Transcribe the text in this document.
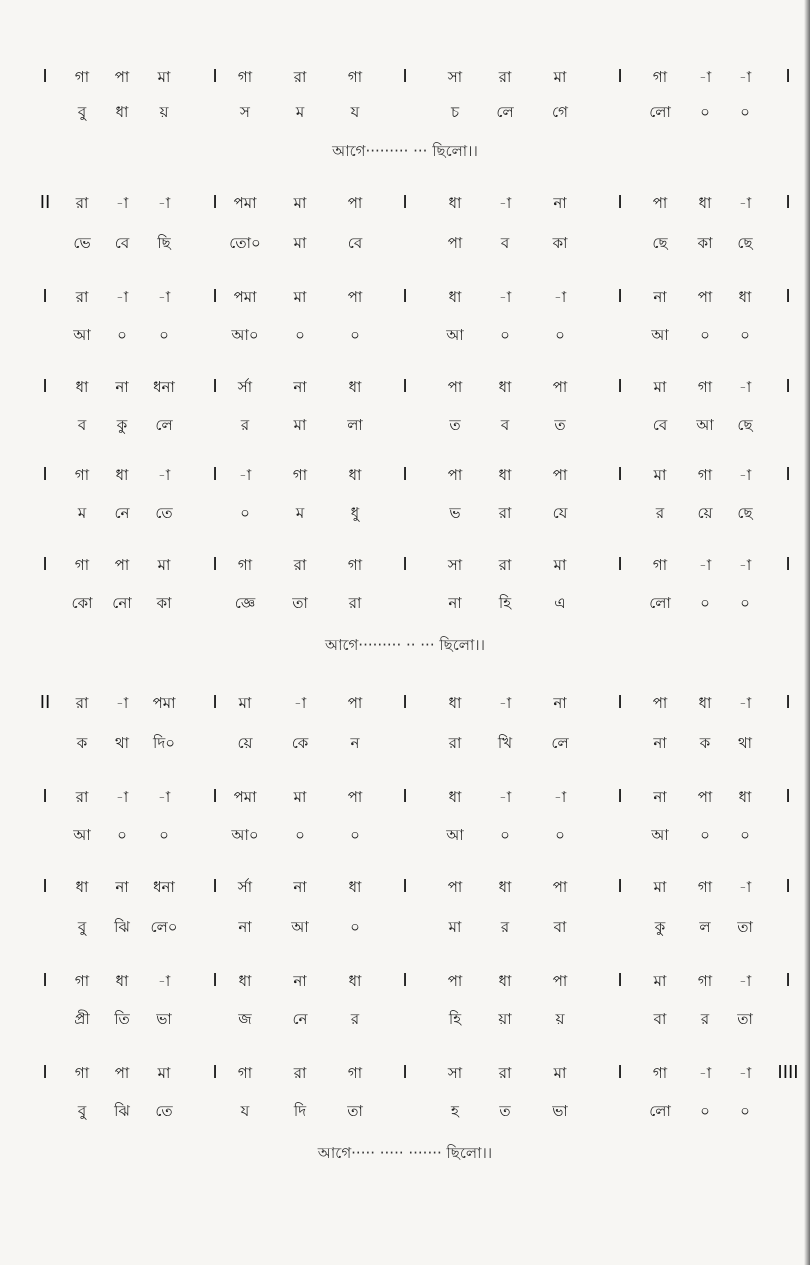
I গা পা মা I গা	রা	গা I	সা রা	মা	I গা -া -া I
বু ধা য়	স	ম	য	চ লে	গে	লো ০ ০
আগে········· ··· ছিলো।।
II রা -া -া I পমা মা	পা I	ধা -া	না	I পা ধা -া I
ভে বে ছি	তো০ মা	বে	পা	ব	কা	ছে কা ছে
I রা -া -া I পমা মা	পা I	ধা -া	-া	I না পা ধা I
আ ০ ০	আ০ ০	০	আ ০	০	আ ০ ০
I ধা না ধনা I র্সা	না	ধা I	পা ধা	পা	I মা গা -া I
ব কু লে	র	মা	লা	ত	ব	ত	বে আ ছে
I গা ধা -া I -া	গা	ধা I	পা ধা	পা	I মা গা -া I
ম নে তে	০	ম	ধু	ভ	রা	যে	র য়ে ছে
I গা পা মা I গা	রা	গা I	সা রা	মা	I গা -া -া I
কো নো কা	জ্ঞে তা	রা	না হি	এ	লো ০ ০
আগে········· ·· ··· ছিলো।।
II রা -া পমা I মা	-া	পা I	ধা -া	না	I পা ধা -া I
ক থা দি০	য়ে	কে	ন	রা খি	লে	না ক থা
I রা -া -া I পমা মা	পা I	ধা -া	-া	I না পা ধা I
আ ০ ০	আ০ ০	০	আ ০	০	আ ০ ০
I ধা না ধনা I র্সা	না	ধা I	পা ধা	পা	I মা গা -া I
বু ঝি লে০	না	আ	০	মা	র	বা	কু ল তা
I গা ধা -া I ধা	না	ধা I	পা ধা	পা	I মা গা -া I
প্রী তি ভা	জ	নে	র	হি য়া	য়	বা র তা
I গা পা মা I গা	রা	গা I	সা রা	মা	I গা -া -া IIII
বু ঝি তে	য	দি	তা	হ	ত	ভা	লো ০ ০
আগে····· ····· ······· ছিলো।।
